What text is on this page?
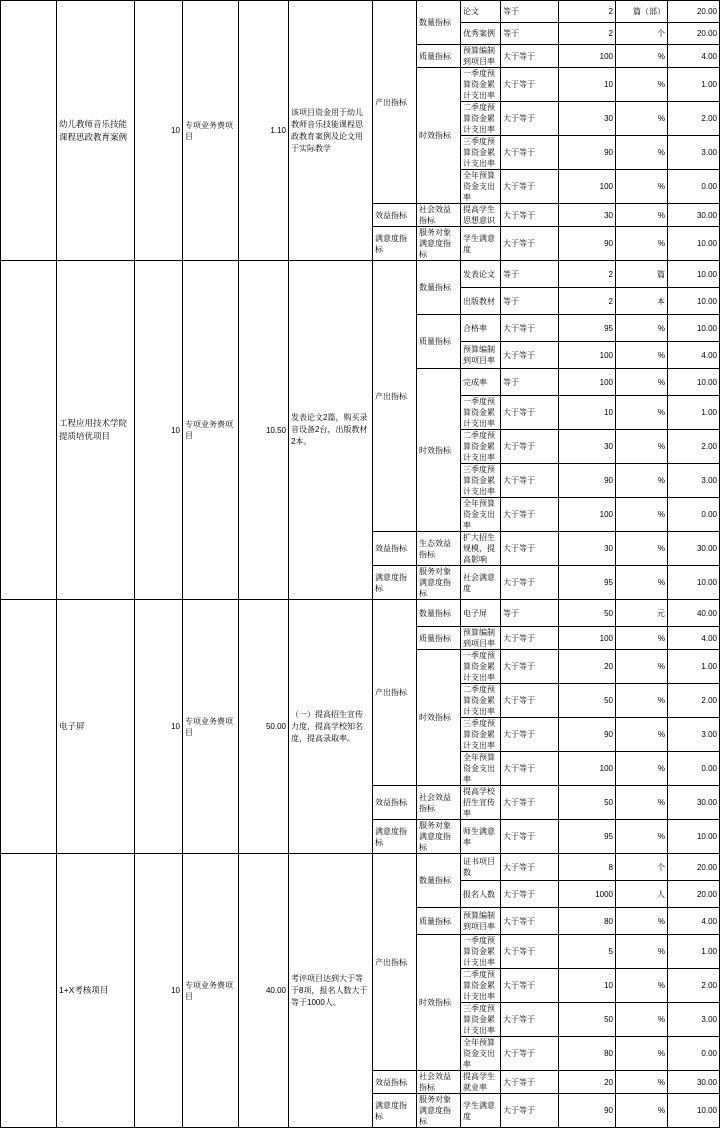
	幼儿教师音乐技能课程思政教育案例	10	专项业务费项目	1.10	该项目资金用于幼儿教师音乐技能课程思政教育案例及论文用于实际教学	产出指标	数量指标	论文	等于	2	篇（部）	20.00
								优秀案例	等于	2	个	20.00
							质量指标	预算编制到项目率	大于等于	100	%	4.00
							时效指标	一季度预算资金累计支出率	大于等于	10	%	1.00
								二季度预算资金累计支出率	大于等于	30	%	2.00
								三季度预算资金累计支出率	大于等于	90	%	3.00
								全年预算资金支出率	大于等于	100	%	0.00
						效益指标	社会效益指标	提高学生思想意识	大于等于	30	%	30.00
						满意度指标	服务对象满意度指标	学生满意度	大于等于	90	%	10.00
	工程应用技术学院提质培优项目	10	专项业务费项目	10.50	发表论文2篇，购买录音设备2台，出版教材2本。	产出指标	数量指标	发表论文	等于	2	篇	10.00
								出版教材	等于	2	本	10.00
							质量指标	合格率	大于等于	95	%	10.00
								预算编制到项目率	大于等于	100	%	4.00
							时效指标	完成率	等于	100	%	10.00
								一季度预算资金累计支出率	大于等于	10	%	1.00
								二季度预算资金累计支出率	大于等于	30	%	2.00
								三季度预算资金累计支出率	大于等于	90	%	3.00
								全年预算资金支出率	大于等于	100	%	0.00
						效益指标	生态效益指标	扩大招生规模，提高影响	大于等于	30	%	30.00
						满意度指标	服务对象满意度指标	社会满意度	大于等于	95	%	10.00
	电子屏	10	专项业务费项目	50.00	（一）提高招生宣传力度，提高学校知名度，提高录取率。	产出指标	数量指标	电子屏	等于	50	元	40.00
							质量指标	预算编制到项目率	大于等于	100	%	4.00
							时效指标	一季度预算资金累计支出率	大于等于	20	%	1.00
								二季度预算资金累计支出率	大于等于	50	%	2.00
								三季度预算资金累计支出率	大于等于	90	%	3.00
								全年预算资金支出率	大于等于	100	%	0.00
						效益指标	社会效益指标	提高学校招生宣传率	大于等于	50	%	30.00
						满意度指标	服务对象满意度指标	师生满意率	大于等于	95	%	10.00
	1+X考核项目	10	专项业务费项目	40.00	考评项目达到大于等于8项，报名人数大于等于1000人。	产出指标	数量指标	证书项目数	大于等于	8	个	20.00
								报名人数	大于等于	1000	人	20.00
							质量指标	预算编制到项目率	大于等于	80	%	4.00
							时效指标	一季度预算资金累计支出率	大于等于	5	%	1.00
								二季度预算资金累计支出率	大于等于	10	%	2.00
								三季度预算资金累计支出率	大于等于	50	%	3.00
								全年预算资金支出率	大于等于	80	%	0.00
						效益指标	社会效益指标	提高学生就业率	大于等于	20	%	30.00
						满意度指标	服务对象满意度指标	学生满意度	大于等于	90	%	10.00
